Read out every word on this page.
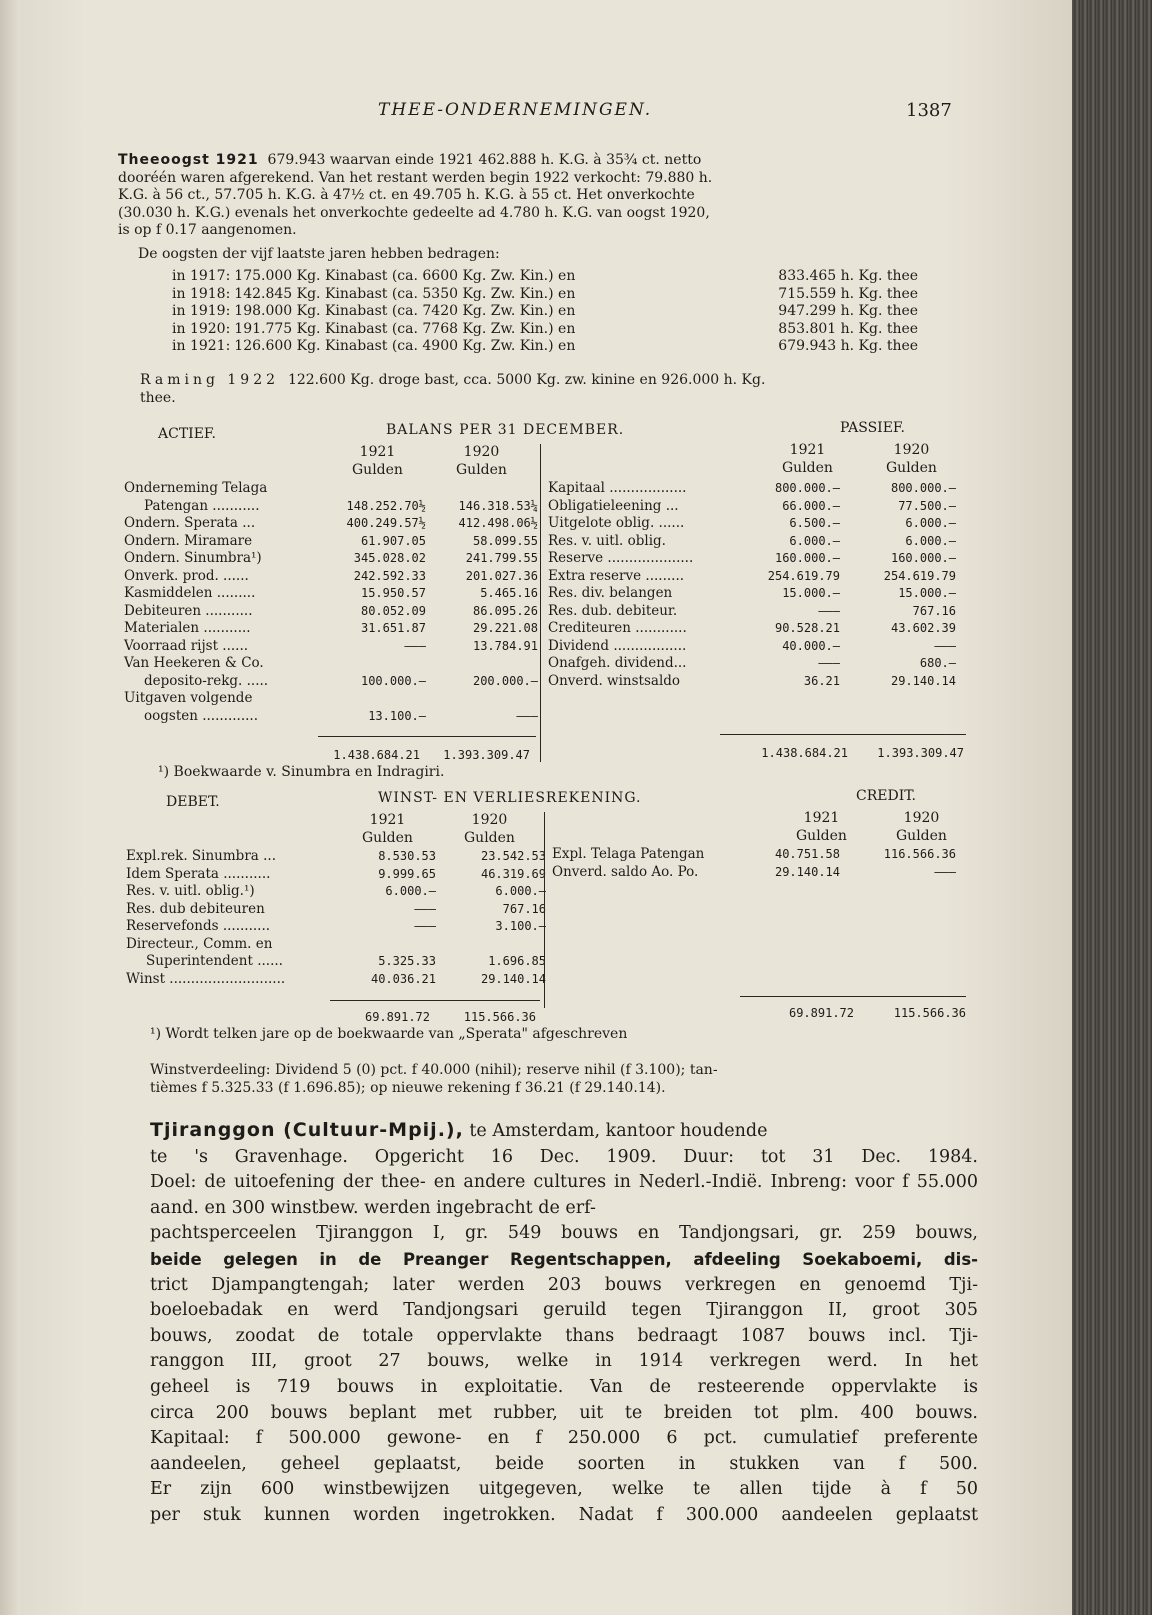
THEE-ONDERNEMINGEN.	1387
Theeoogst 1921 679.943 waarvan einde 1921 462.888 h. K.G. à 35¾ ct. netto
dooréén waren afgerekend. Van het restant werden begin 1922 verkocht: 79.880 h.
K.G. à 56 ct., 57.705 h. K.G. à 47½ ct. en 49.705 h. K.G. à 55 ct. Het onverkochte
(30.030 h. K.G.) evenals het onverkochte gedeelte ad 4.780 h. K.G. van oogst 1920,
is op f 0.17 aangenomen.
De oogsten der vijf laatste jaren hebben bedragen:
in 1917:	175.000 Kg. Kinabast (ca. 6600 Kg. Zw. Kin.) en	833.465 h. Kg. thee
in 1918:	142.845 Kg. Kinabast (ca. 5350 Kg. Zw. Kin.) en	715.559 h. Kg. thee
in 1919:	198.000 Kg. Kinabast (ca. 7420 Kg. Zw. Kin.) en	947.299 h. Kg. thee
in 1920:	191.775 Kg. Kinabast (ca. 7768 Kg. Zw. Kin.) en	853.801 h. Kg. thee
in 1921:	126.600 Kg. Kinabast (ca. 4900 Kg. Zw. Kin.) en	679.943 h. Kg. thee
Raming 1922 122.600 Kg. droge bast, cca. 5000 Kg. zw. kinine en 926.000 h. Kg.
thee.
ACTIEF.	BALANS PER 31 DECEMBER.	PASSIEF.
1921
Gulden
1920
Gulden
1921
Gulden
1920
Gulden
Onderneming Telaga		
Patengan ...........	148.252.70½	146.318.53¼
Ondern. Sperata ...	400.249.57½	412.498.06½
Ondern. Miramare	61.907.05	58.099.55
Ondern. Sinumbra¹)	345.028.02	241.799.55
Onverk. prod. ......	242.592.33	201.027.36
Kasmiddelen .........	15.950.57	5.465.16
Debiteuren ...........	80.052.09	86.095.26
Materialen ...........	31.651.87	29.221.08
Voorraad rijst ......	———	13.784.91
Van Heekeren & Co.		
deposito-rekg. .....	100.000.—	200.000.—
Uitgaven volgende		
oogsten .............	13.100.—	———
Kapitaal ..................	800.000.—	800.000.—
Obligatieleening ...	66.000.—	77.500.—
Uitgelote oblig. ......	6.500.—	6.000.—
Res. v. uitl. oblig.	6.000.—	6.000.—
Reserve ....................	160.000.—	160.000.—
Extra reserve .........	254.619.79	254.619.79
Res. div. belangen	15.000.—	15.000.—
Res. dub. debiteur.	———	767.16
Crediteuren ............	90.528.21	43.602.39
Dividend .................	40.000.—	———
Onafgeh. dividend...	———	680.—
Onverd. winstsaldo	36.21	29.140.14
1.438.684.21	1.393.309.47	1.438.684.21	1.393.309.47
¹) Boekwaarde v. Sinumbra en Indragiri.
DEBET.	WINST- EN VERLIESREKENING.	CREDIT.
1921
Gulden
1920
Gulden
1921
Gulden
1920
Gulden
Expl.rek. Sinumbra ...	8.530.53	23.542.53
Idem Sperata ...........	9.999.65	46.319.69
Res. v. uitl. oblig.¹)	6.000.—	6.000.—
Res. dub debiteuren	———	767.16
Reservefonds ...........	———	3.100.—
Directeur., Comm. en		
Superintendent ......	5.325.33	1.696.85
Winst ...........................	40.036.21	29.140.14
Expl. Telaga Patengan	40.751.58	116.566.36
Onverd. saldo Ao. Po.	29.140.14	———
69.891.72	115.566.36	69.891.72	115.566.36
¹) Wordt telken jare op de boekwaarde van „Sperata" afgeschreven
Winstverdeeling: Dividend 5 (0) pct. f 40.000 (nihil); reserve nihil (f 3.100); tan-
tièmes f 5.325.33 (f 1.696.85); op nieuwe rekening f 36.21 (f 29.140.14).
Tjiranggon (Cultuur-Mpij.), te Amsterdam, kantoor houdende
te 's Gravenhage. Opgericht 16 Dec. 1909. Duur: tot 31 Dec. 1984.
Doel: de uitoefening der thee- en andere cultures in Nederl.-Indië. Inbreng: voor f 55.000 aand. en 300 winstbew. werden ingebracht de erf-
pachtsperceelen Tjiranggon I, gr. 549 bouws en Tandjongsari, gr. 259 bouws,
beide gelegen in de Preanger Regentschappen, afdeeling Soekaboemi, dis-
trict Djampangtengah; later werden 203 bouws verkregen en genoemd Tji-
boeloebadak en werd Tandjongsari geruild tegen Tjiranggon II, groot 305
bouws, zoodat de totale oppervlakte thans bedraagt 1087 bouws incl. Tji-
ranggon III, groot 27 bouws, welke in 1914 verkregen werd. In het
geheel is 719 bouws in exploitatie. Van de resteerende oppervlakte is
circa 200 bouws beplant met rubber, uit te breiden tot plm. 400 bouws.
Kapitaal: f 500.000 gewone- en f 250.000 6 pct. cumulatief preferente
aandeelen, geheel geplaatst, beide soorten in stukken van f 500.
Er zijn 600 winstbewijzen uitgegeven, welke te allen tijde à f 50
per stuk kunnen worden ingetrokken. Nadat f 300.000 aandeelen geplaatst
